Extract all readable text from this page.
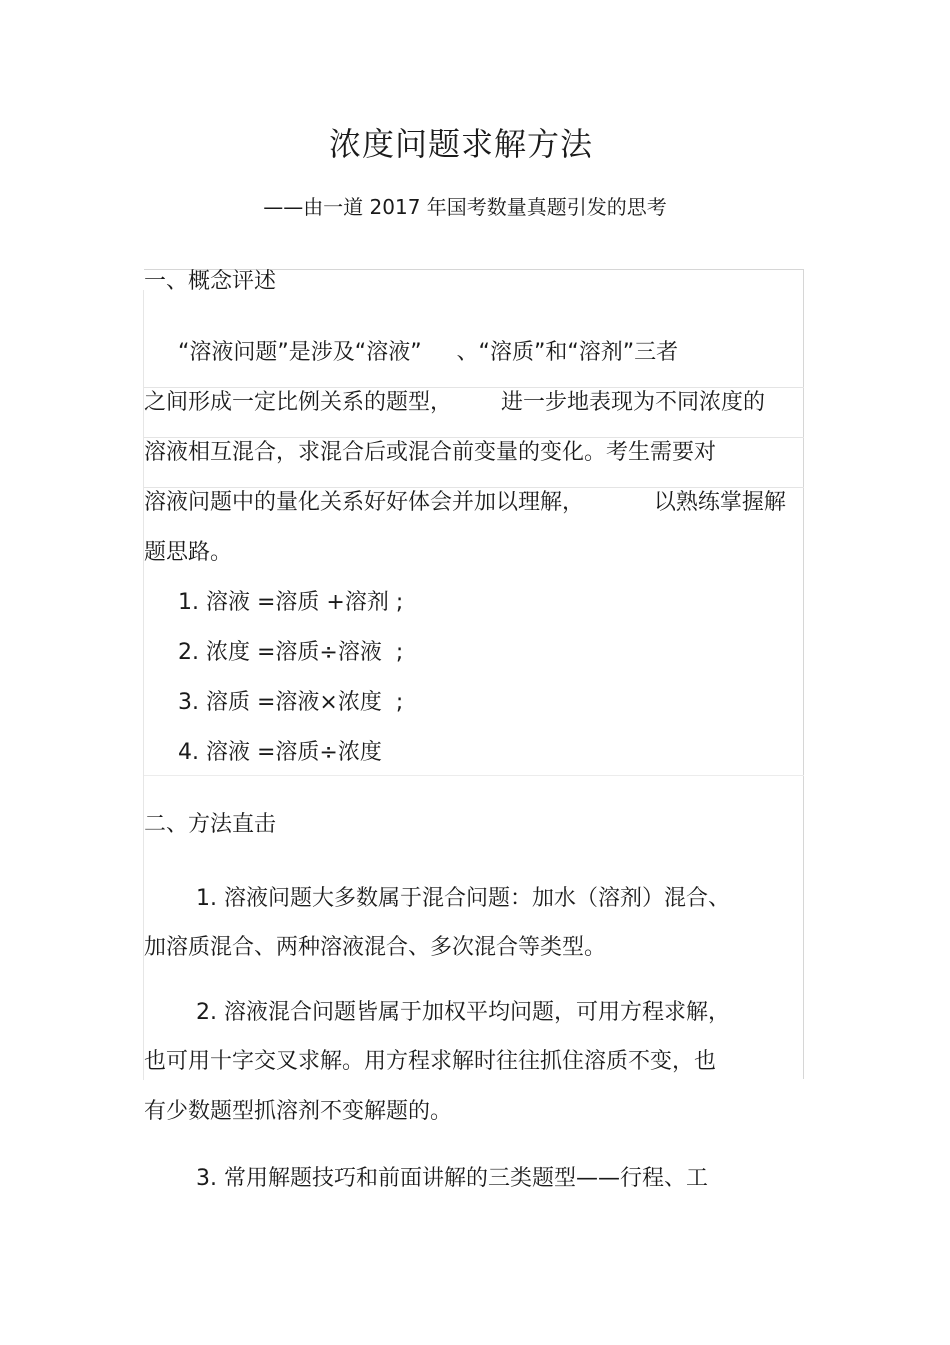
浓度问题求解方法
——由一道 2017 年国考数量真题引发的思考
一、概念评述
“溶液问题”是涉及“溶液”     、“溶质”和“溶剂”三者
之间形成一定比例关系的题型，       进一步地表现为不同浓度的
溶液相互混合，求混合后或混合前变量的变化。考生需要对
溶液问题中的量化关系好好体会并加以理解，          以熟练掌握解
题思路。
1. 溶液 =溶质 +溶剂 ;
2. 浓度 =溶质÷溶液  ;
3. 溶质 =溶液×浓度  ;
4. 溶液 =溶质÷浓度
二、方法直击
1. 溶液问题大多数属于混合问题：加水（溶剂）混合、
加溶质混合、两种溶液混合、多次混合等类型。
2. 溶液混合问题皆属于加权平均问题，可用方程求解，
也可用十字交叉求解。用方程求解时往往抓住溶质不变，也
有少数题型抓溶剂不变解题的。
3. 常用解题技巧和前面讲解的三类题型——行程、工
